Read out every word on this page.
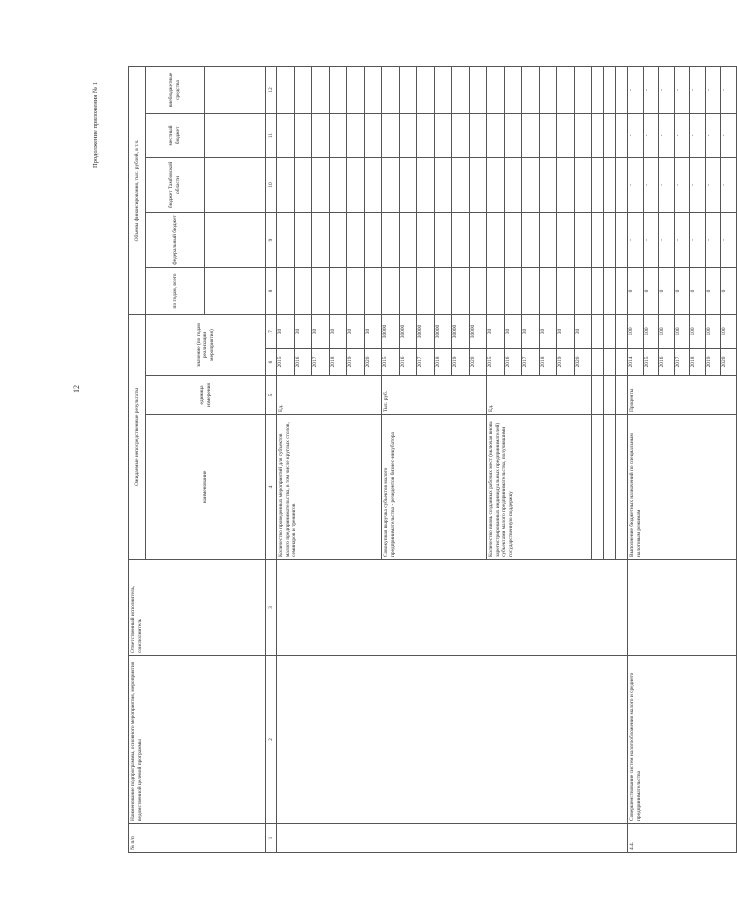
12
Продолжение приложения № 1
№ п/п	Наименование подпрограммы, основного мероприятия, мероприятия ведомственной целевой программы	Ответственный исполнитель, соисполнитель	Ожидаемые непосредственные результаты				Объемы финансирования, тыс. рублей, в т.ч.				
			наименование	единица измерения	значение (по годам реализации мероприятия)		по годам, всего	федеральный бюджет	бюджет Тамбовской области	местный бюджет	внебюджетные средства

1	2	3	4	5	6	7	8	9	10	11	12
			Количество проведенных мероприятий для субъектов малого предпринимательства, в том числе круглых столов, семинаров и тренингов	Ед.	2015	30					
					2016	30					
					2017	30					
					2018	30					
					2019	30					
					2020	30					
			Совокупная выручка субъектов малого предпринимательства - резидентов бизнес-инкубатора	Тыс. руб.	2015	30000					
					2016	30000					
					2017	30000					
					2018	30000					
					2019	30000					
					2020	30000					
			Количество вновь созданных рабочих мест (включая вновь зарегистрированных индивидуальных предпринимателей) субъектами малого предпринимательства, получившими государственную поддержку	Ед.	2015	30					
					2016	30					
					2017	30					
					2018	30					
					2019	30					
					2020	30					

4.4.	Совершенствование систем налогообложения малого и среднего предпринимательства		Выполнение бюджетных назначений по специальным налоговым режимам	Проценты	2014	100	0	-	-	-	-
					2015	100	0	-	-	-	-
					2016	100	0	-	-	-	-
					2017	100	0	-	-	-	-
					2018	100	0	-	-	-	-
					2019	100	0	-	-	-	-
					2020	100	0	-	-	-	-
